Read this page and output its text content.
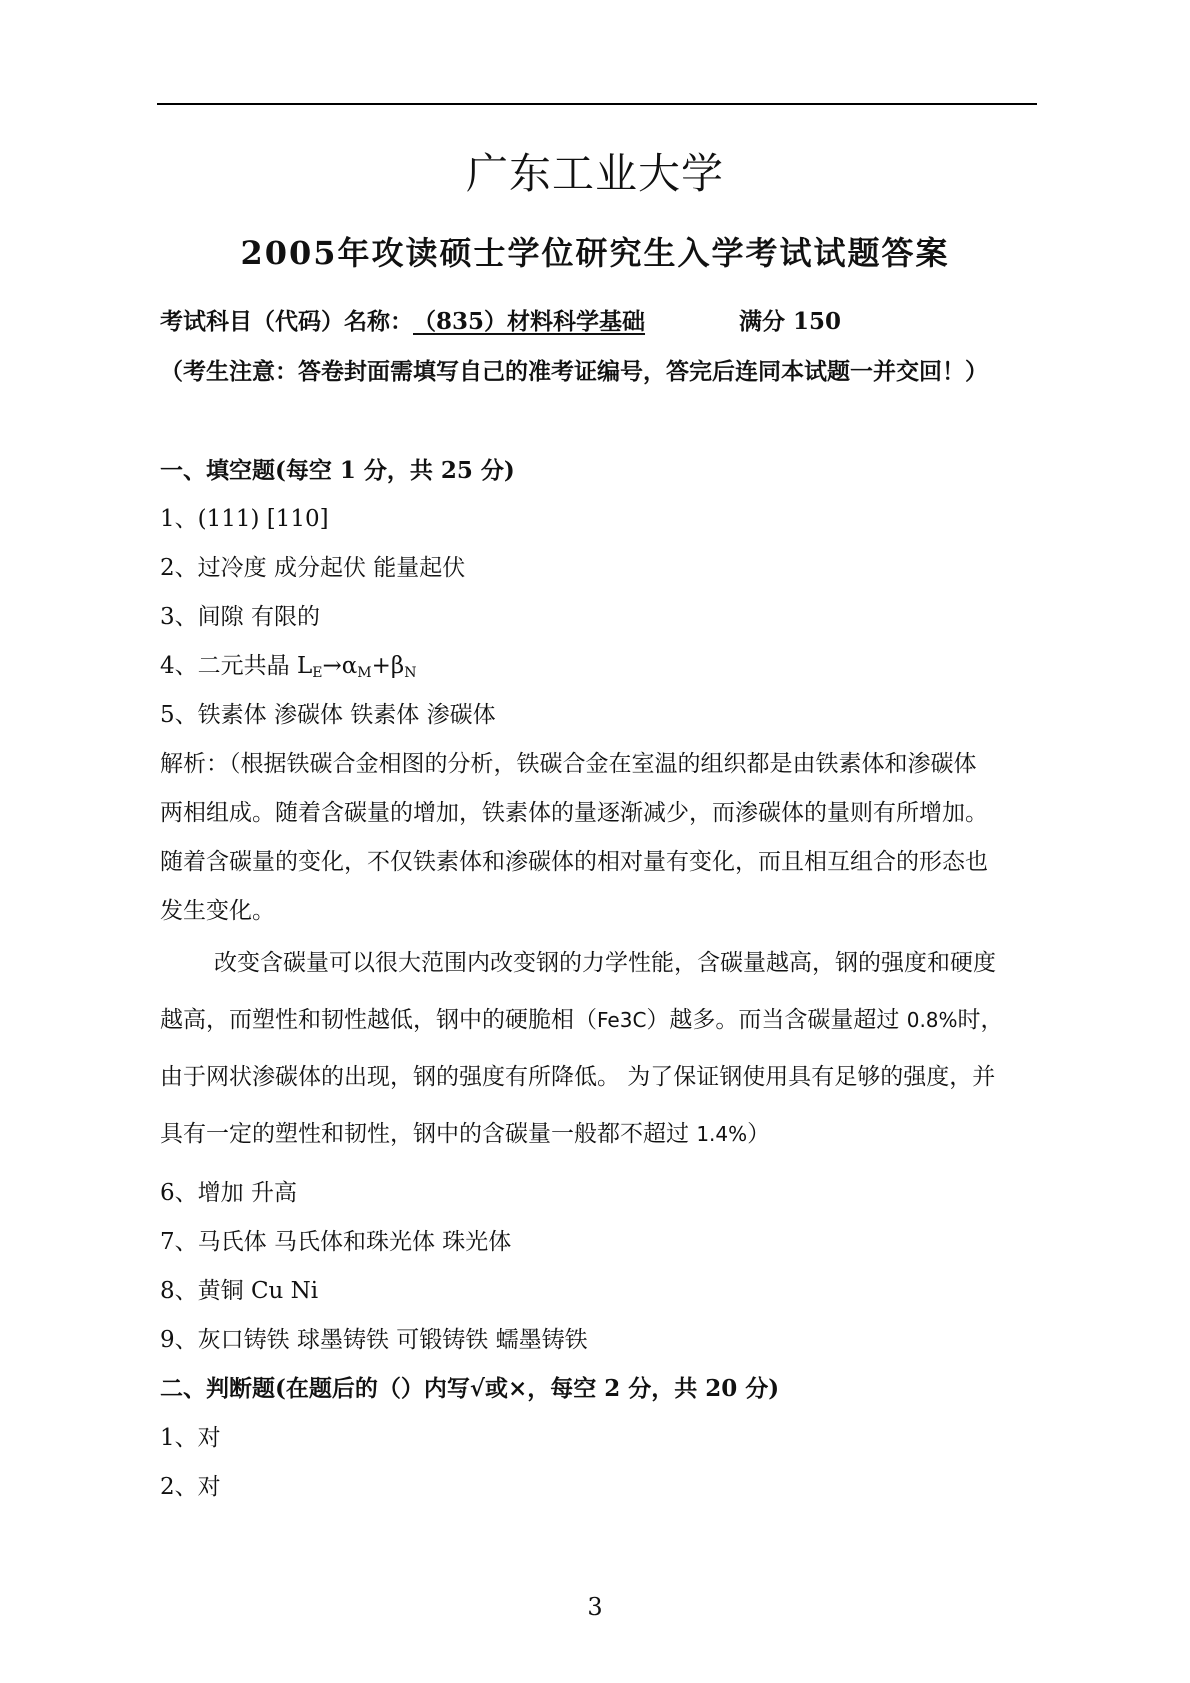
广东工业大学
2005年攻读硕士学位研究生入学考试试题答案
考试科目（代码）名称：（835）材料科学基础	满分 150
（考生注意：答卷封面需填写自己的准考证编号，答完后连同本试题一并交回！）
一、填空题(每空 1 分，共 25 分)
1、(111) [110]
2、过冷度 成分起伏 能量起伏
3、间隙 有限的
4、二元共晶 $L_E\to\alpha_M+\beta_N$
5、铁素体 渗碳体 铁素体 渗碳体
解析：（根据铁碳合金相图的分析，铁碳合金在室温的组织都是由铁素体和渗碳体
两相组成。随着含碳量的增加，铁素体的量逐渐减少，而渗碳体的量则有所增加。
随着含碳量的变化，不仅铁素体和渗碳体的相对量有变化，而且相互组合的形态也
发生变化。
改变含碳量可以很大范围内改变钢的力学性能，含碳量越高，钢的强度和硬度
越高，而塑性和韧性越低，钢中的硬脆相（Fe3C）越多。而当含碳量超过 0.8%时，
由于网状渗碳体的出现，钢的强度有所降低。 为了保证钢使用具有足够的强度，并
具有一定的塑性和韧性，钢中的含碳量一般都不超过 1.4%）
6、增加 升高
7、马氏体 马氏体和珠光体 珠光体
8、黄铜 Cu Ni
9、灰口铸铁 球墨铸铁 可锻铸铁 蠕墨铸铁
二、判断题(在题后的（）内写√或×，每空 2 分，共 20 分)
1、对
2、对
3
